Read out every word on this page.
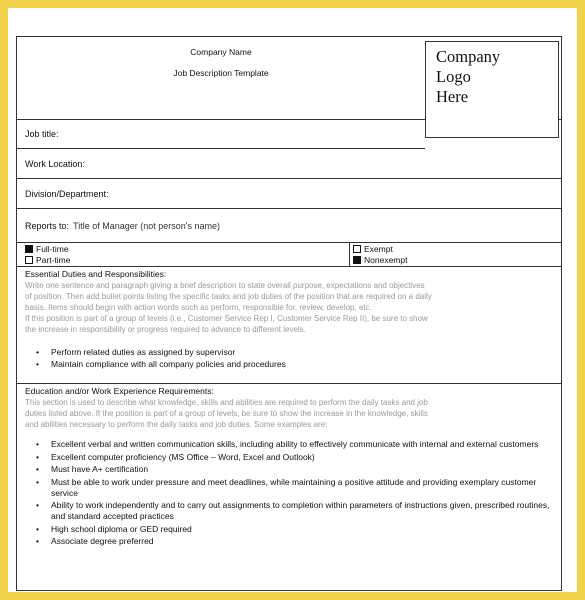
Company Name
Job Description Template
Company
Logo
Here
Job title:
Work Location:
Division/Department:
Reports to: Title of Manager (not person's name)
Full-time
Part-time
Exempt
Nonexempt

Essential Duties and Responsibilities:

Write one sentence and paragraph giving a brief description to state overall purpose, expectations and objectives

of position. Then add bullet points listing the specific tasks and job duties of the position that are required on a daily

basis. Items should begin with action words such as perform, responsible for, review, develop, etc.

If this position is part of a group of levels (i.e., Customer Service Rep I, Customer Service Rep II), be sure to show

the increase in responsibility or progress required to advance to different levels.

• Perform related duties as assigned by supervisor
• Maintain compliance with all company policies and procedures

Education and/or Work Experience Requirements:

This section is used to describe what knowledge, skills and abilities are required to perform the daily tasks and job

duties listed above. If the position is part of a group of levels, be sure to show the increase in the knowledge, skills

and abilities necessary to perform the daily tasks and job duties. Some examples are:

• Excellent verbal and written communication skills, including ability to effectively communicate with internal and external customers
• Excellent computer proficiency (MS Office – Word, Excel and Outlook)
• Must have A+ certification
• Must be able to work under pressure and meet deadlines, while maintaining a positive attitude and providing exemplary customer service
• Ability to work independently and to carry out assignments to completion within parameters of instructions given, prescribed routines, and standard accepted practices
• High school diploma or GED required
• Associate degree preferred
